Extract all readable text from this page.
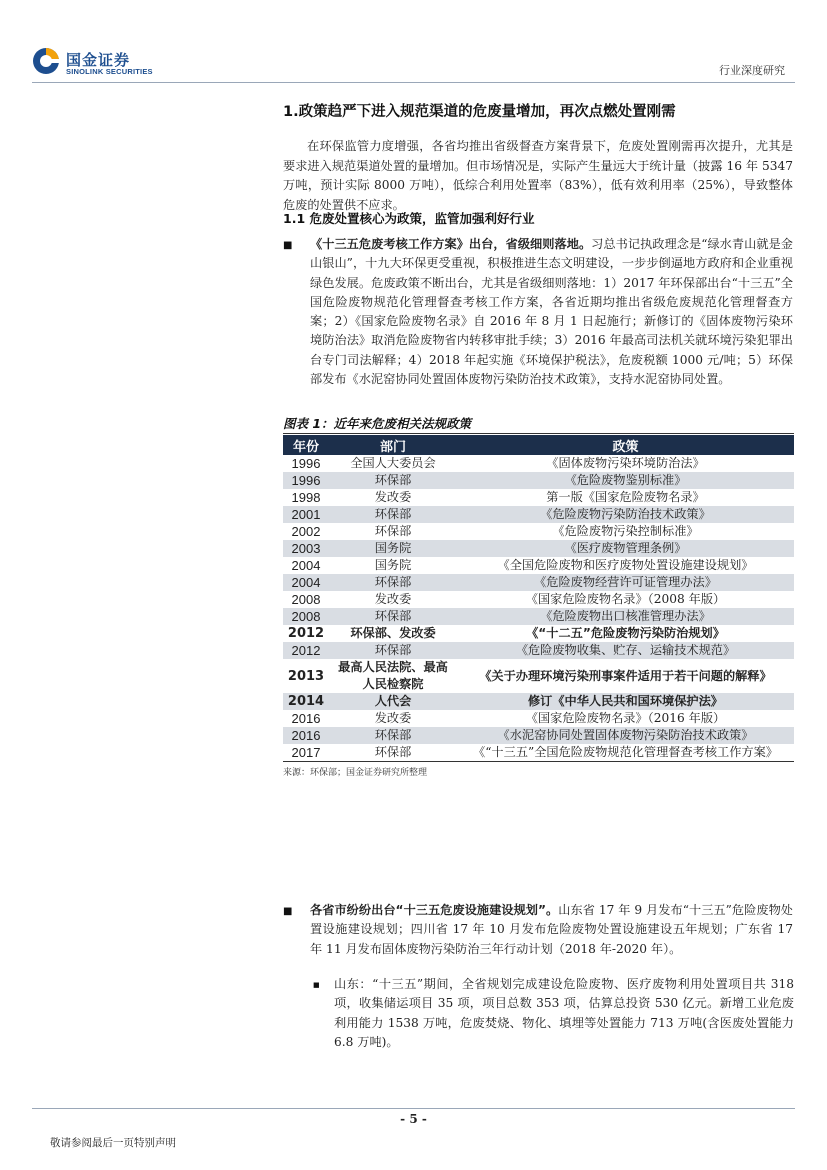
国金证券
SINOLINK SECURITIES	行业深度研究
1.政策趋严下进入规范渠道的危废量增加，再次点燃处置刚需
在环保监管力度增强，各省均推出省级督查方案背景下，危废处置刚需再次提升，尤其是要求进入规范渠道处置的量增加。但市场情况是，实际产生量远大于统计量（披露 16 年 5347 万吨，预计实际 8000 万吨），低综合利用处置率（83%），低有效利用率（25%），导致整体危废的处置供不应求。
1.1 危废处置核心为政策，监管加强利好行业
■ 《十三五危废考核工作方案》出台，省级细则落地。习总书记执政理念是“绿水青山就是金山银山”，十九大环保更受重视，积极推进生态文明建设，一步步倒逼地方政府和企业重视绿色发展。危废政策不断出台，尤其是省级细则落地：1）2017 年环保部出台“十三五”全国危险废物规范化管理督查考核工作方案，各省近期均推出省级危废规范化管理督查方案；2）《国家危险废物名录》自 2016 年 8 月 1 日起施行；新修订的《固体废物污染环境防治法》取消危险废物省内转移审批手续；3）2016 年最高司法机关就环境污染犯罪出台专门司法解释；4）2018 年起实施《环境保护税法》，危废税额 1000 元/吨；5）环保部发布《水泥窑协同处置固体废物污染防治技术政策》，支持水泥窑协同处置。
图表 1：近年来危废相关法规政策
年份	部门	政策
1996	全国人大委员会	《固体废物污染环境防治法》
1996	环保部	《危险废物鉴别标准》
1998	发改委	第一版《国家危险废物名录》
2001	环保部	《危险废物污染防治技术政策》
2002	环保部	《危险废物污染控制标准》
2003	国务院	《医疗废物管理条例》
2004	国务院	《全国危险废物和医疗废物处置设施建设规划》
2004	环保部	《危险废物经营许可证管理办法》
2008	发改委	《国家危险废物名录》（2008 年版）
2008	环保部	《危险废物出口核准管理办法》
2012	环保部、发改委	《“十二五”危险废物污染防治规划》
2012	环保部	《危险废物收集、贮存、运输技术规范》
2013	最高人民法院、最高人民检察院	《关于办理环境污染刑事案件适用于若干问题的解释》
2014	人代会	修订《中华人民共和国环境保护法》
2016	发改委	《国家危险废物名录》（2016 年版）
2016	环保部	《水泥窑协同处置固体废物污染防治技术政策》
2017	环保部	《“十三五”全国危险废物规范化管理督查考核工作方案》
来源：环保部；国金证券研究所整理
■ 各省市纷纷出台“十三五危废设施建设规划”。山东省 17 年 9 月发布“十三五”危险废物处置设施建设规划；四川省 17 年 10 月发布危险废物处置设施建设五年规划；广东省 17 年 11 月发布固体废物污染防治三年行动计划（2018 年-2020 年）。
■ 山东：“十三五”期间，全省规划完成建设危险废物、医疗废物利用处置项目共 318 项，收集储运项目 35 项，项目总数 353 项，估算总投资 530 亿元。新增工业危废利用能力 1538 万吨，危废焚烧、物化、填埋等处置能力 713 万吨(含医废处置能力 6.8 万吨)。
- 5 -
敬请参阅最后一页特别声明
